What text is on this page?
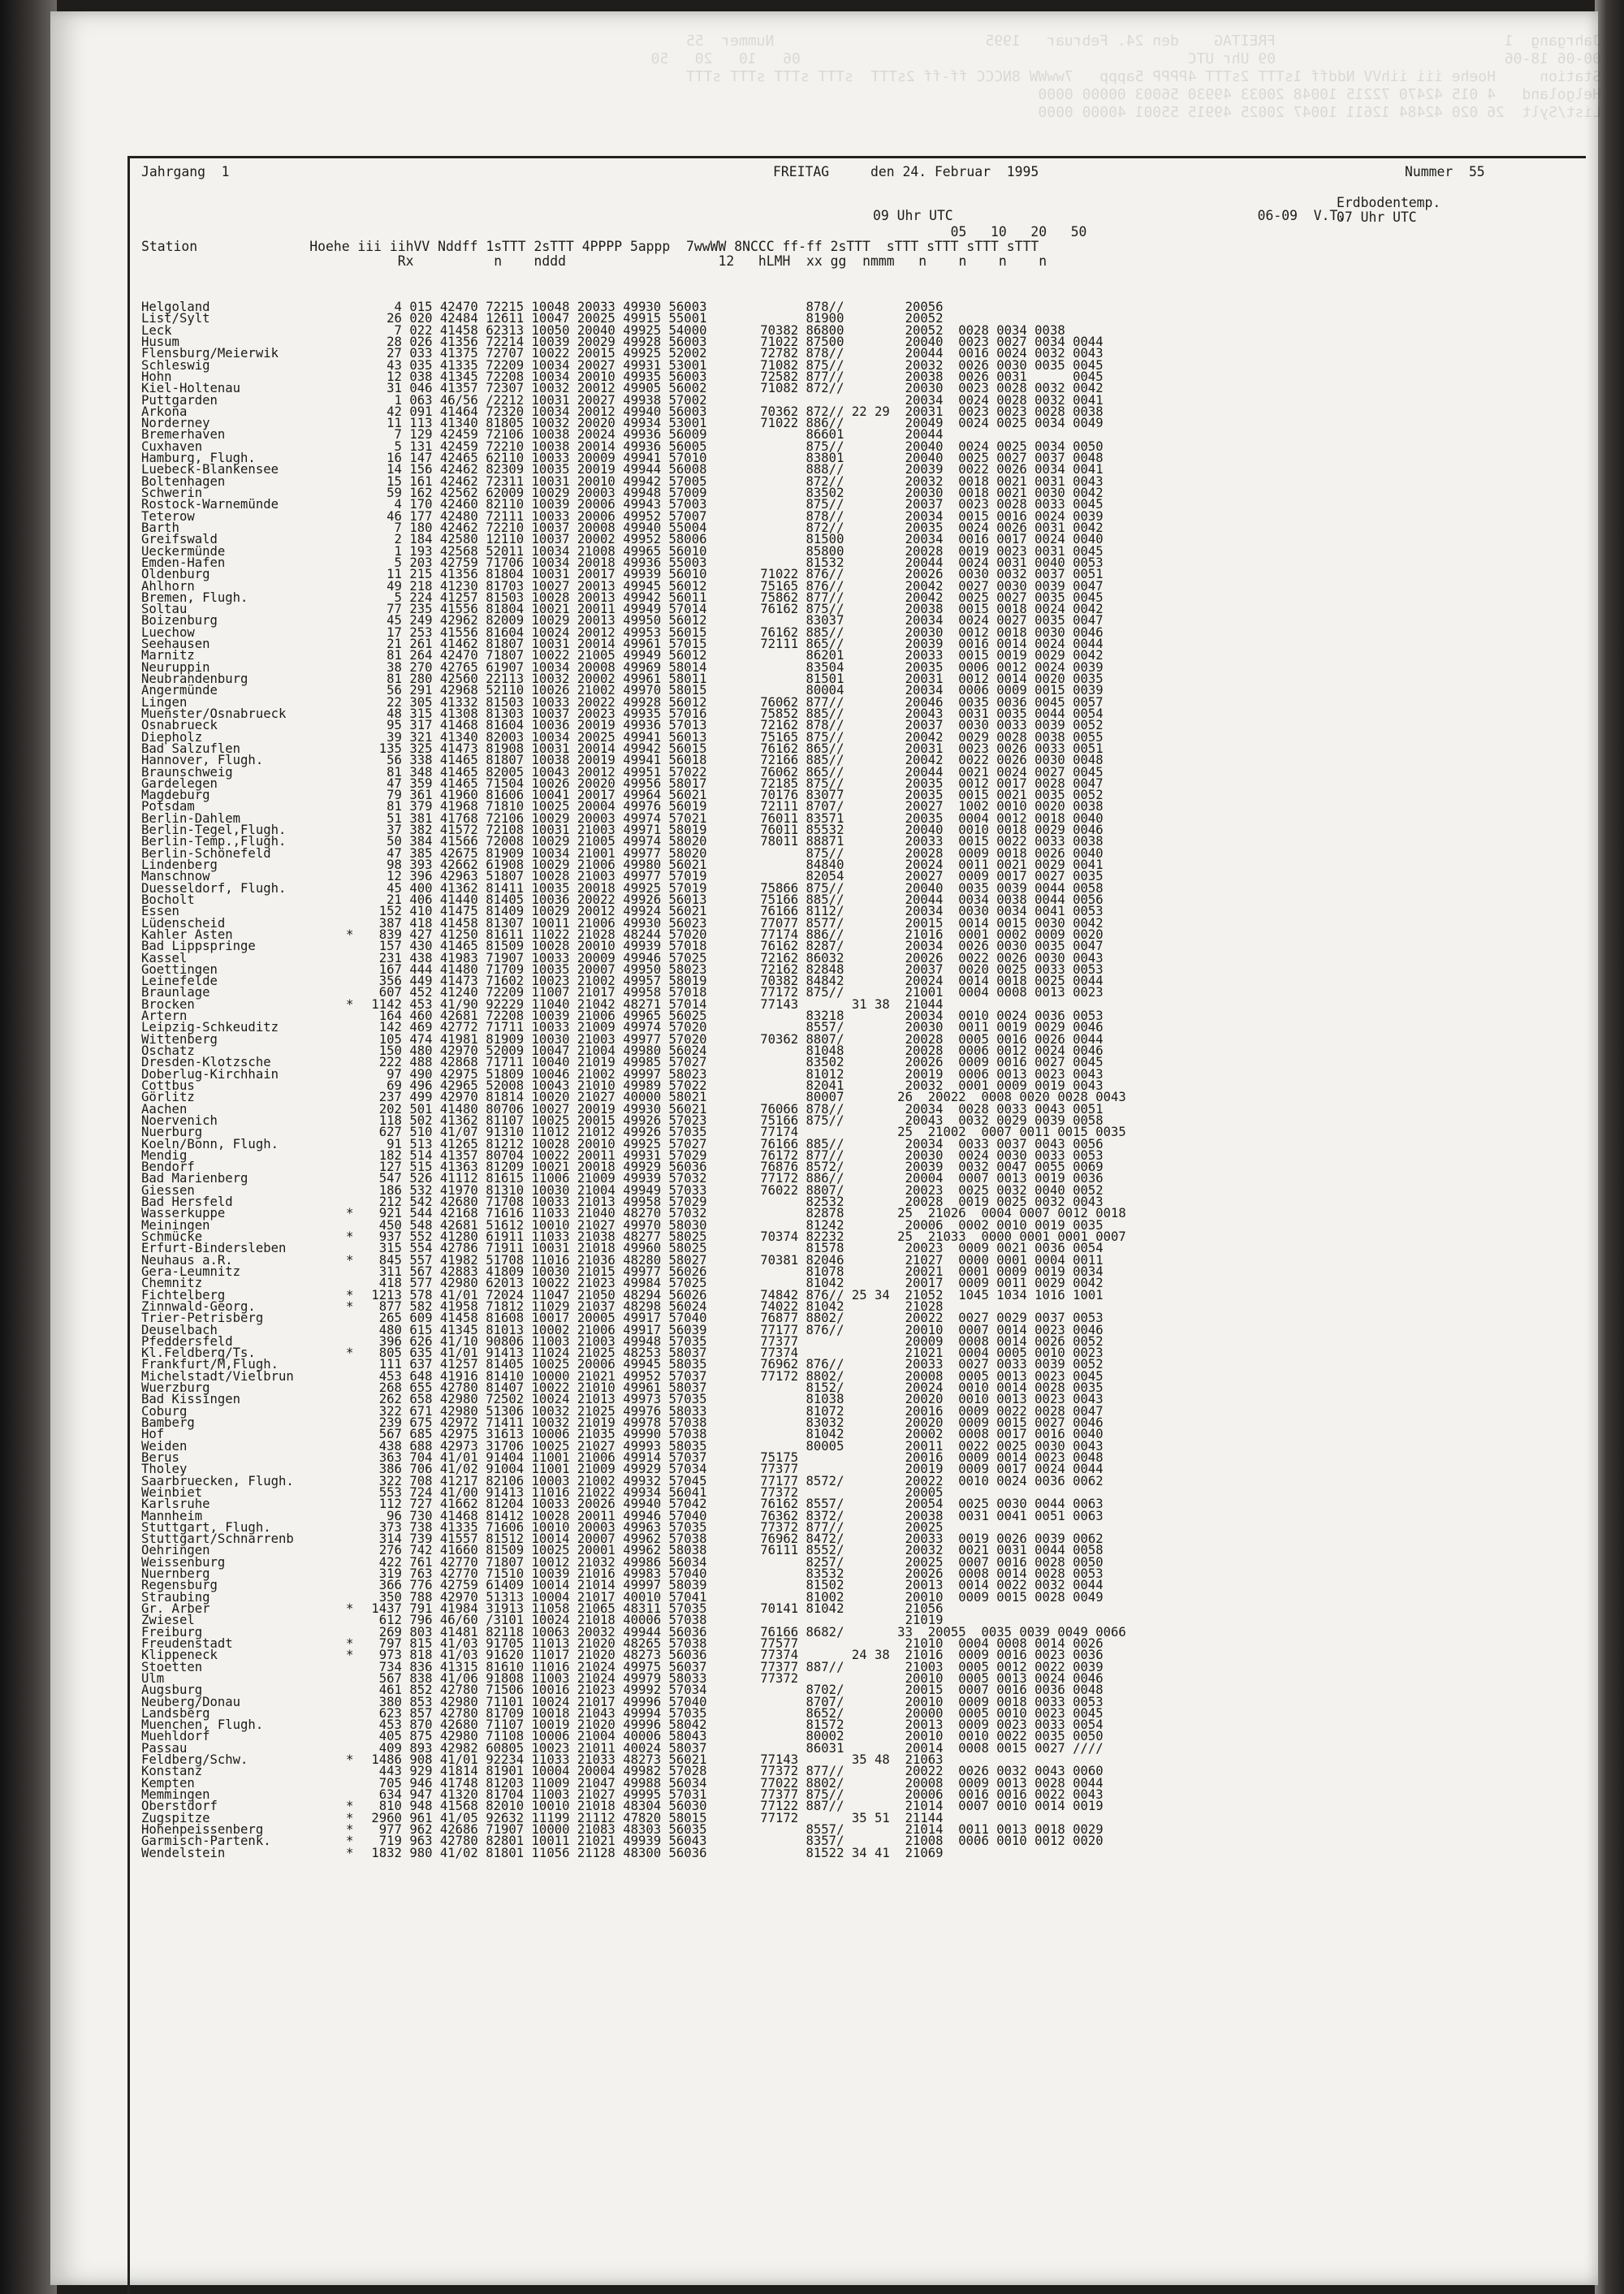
Jahrgang  1                          FREITAG    den 24. Februar   1995                        Nummer  55
00-06 18-06                          09 Uhr UTC                                            06   10   20   50
Station     Hoehe iii iihVV Nddff 1sTTT 2sTTT 4PPPP 5appp   7wwWW 8NCCC ff-ff 2sTTT  sTTT sTTT sTTT sTTT
Helgoland   4 015 42470 72215 10048 20033 49930 56003 00000 0000
List/Sylt  26 020 42484 12611 10047 20025 49915 55001 40000 0000

Jahrgang  1	FREITAG	den 24. Februar  1995	Nummer  55
Erdbodentemp.
07 Uhr UTC
09 Uhr UTC                                      06-09  V.T.
05   10   20   50
Station              Hoehe iii iihVV Nddff 1sTTT 2sTTT 4PPPP 5appp  7wwWW 8NCCC ff-ff 2sTTT  sTTT sTTT sTTT sTTT
Rx          n    nddd                   12   hLMH  xx gg  nmmm   n    n    n    n
Helgoland	4 015 42470 72215 10048 20033 49930 56003             878//        20056
List/Sylt	26 020 42484 12611 10047 20025 49915 55001             81900        20052
Leck	7 022 41458 62313 10050 20040 49925 54000       70382 86800        20052  0028 0034 0038
Husum	28 026 41356 72214 10039 20029 49928 56003       71022 87500        20040  0023 0027 0034 0044
Flensburg/Meierwik	27 033 41375 72707 10022 20015 49925 52002       72782 878//        20044  0016 0024 0032 0043
Schleswig	43 035 41335 72209 10034 20027 49931 53001       71082 875//        20032  0026 0030 0035 0045
Hohn	12 038 41345 72208 10034 20010 49935 56003       72582 877//        20038  0026 0031      0045
Kiel-Holtenau	31 046 41357 72307 10032 20012 49905 56002       71082 872//        20030  0023 0028 0032 0042
Puttgarden	1 063 46/56 /2212 10031 20027 49938 57002                          20034  0024 0028 0032 0041
Arkona	42 091 41464 72320 10034 20012 49940 56003       70362 872// 22 29  20031  0023 0023 0028 0038
Norderney	11 113 41340 81805 10032 20020 49934 53001       71022 886//        20049  0024 0025 0034 0049
Bremerhaven	7 129 42459 72106 10038 20024 49936 56009             86601        20044
Cuxhaven	5 131 42459 72210 10038 20014 49936 56005             875//        20040  0024 0025 0034 0050
Hamburg, Flugh.	16 147 42465 62110 10033 20009 49941 57010             83801        20040  0025 0027 0037 0048
Luebeck-Blankensee	14 156 42462 82309 10035 20019 49944 56008             888//        20039  0022 0026 0034 0041
Boltenhagen	15 161 42462 72311 10031 20010 49942 57005             872//        20032  0018 0021 0031 0043
Schwerin	59 162 42562 62009 10029 20003 49948 57009             83502        20030  0018 0021 0030 0042
Rostock-Warnemünde	4 170 42460 82110 10039 20006 49943 57003             875//        20037  0023 0028 0033 0045
Teterow	46 177 42480 72111 10033 20006 49952 57007             878//        20034  0015 0016 0024 0039
Barth	7 180 42462 72210 10037 20008 49940 55004             872//        20035  0024 0026 0031 0042
Greifswald	2 184 42580 12110 10037 20002 49952 58006             81500        20034  0016 0017 0024 0040
Ueckermünde	1 193 42568 52011 10034 21008 49965 56010             85800        20028  0019 0023 0031 0045
Emden-Hafen	5 203 42759 71706 10034 20018 49936 55003             81532        20044  0024 0031 0040 0053
Oldenburg	11 215 41356 81804 10031 20017 49939 56010       71022 876//        20026  0030 0032 0037 0051
Ahlhorn	49 218 41230 81703 10027 20013 49945 56012       75165 876//        20042  0027 0030 0039 0047
Bremen, Flugh.	5 224 41257 81503 10028 20013 49942 56011       75862 877//        20042  0025 0027 0035 0045
Soltau	77 235 41556 81804 10021 20011 49949 57014       76162 875//        20038  0015 0018 0024 0042
Boizenburg	45 249 42962 82009 10029 20013 49950 56012             83037        20034  0024 0027 0035 0047
Luechow	17 253 41556 81604 10024 20012 49953 56015       76162 885//        20030  0012 0018 0030 0046
Seehausen	21 261 41462 81807 10031 20014 49961 57015       72111 865//        20039  0016 0014 0024 0044
Marnitz	81 264 42470 71807 10022 21005 49949 56012             86201        20033  0015 0019 0029 0042
Neuruppin	38 270 42765 61907 10034 20008 49969 58014             83504        20035  0006 0012 0024 0039
Neubrandenburg	81 280 42560 22113 10032 20002 49961 58011             81501        20031  0012 0014 0020 0035
Angermünde	56 291 42968 52110 10026 21002 49970 58015             80004        20034  0006 0009 0015 0039
Lingen	22 305 41332 81503 10033 20022 49928 56012       76062 877//        20046  0035 0036 0045 0057
Muenster/Osnabrueck	48 315 41308 81303 10037 20023 49935 57016       75852 885//        20043  0031 0035 0044 0054
Osnabrueck	95 317 41468 81604 10036 20019 49936 57013       72162 878//        20037  0030 0033 0039 0052
Diepholz	39 321 41340 82003 10034 20025 49941 56013       75165 875//        20042  0029 0028 0038 0055
Bad Salzuflen	135 325 41473 81908 10031 20014 49942 56015       76162 865//        20031  0023 0026 0033 0051
Hannover, Flugh.	56 338 41465 81807 10038 20019 49941 56018       72166 885//        20042  0022 0026 0030 0048
Braunschweig	81 348 41465 82005 10043 20012 49951 57022       76062 865//        20044  0021 0024 0027 0045
Gardelegen	47 359 41465 71504 10026 20020 49956 58017       72185 875//        20035  0012 0017 0028 0047
Magdeburg	79 361 41960 81606 10041 20017 49964 56021       70176 83077        20035  0015 0021 0035 0052
Potsdam	81 379 41968 71810 10025 20004 49976 56019       72111 8707/        20027  1002 0010 0020 0038
Berlin-Dahlem	51 381 41768 72106 10029 20003 49974 57021       76011 83571        20035  0004 0012 0018 0040
Berlin-Tegel,Flugh.	37 382 41572 72108 10031 21003 49971 58019       76011 85532        20040  0010 0018 0029 0046
Berlin-Temp.,Flugh.	50 384 41566 72008 10029 21005 49974 58020       78011 88871        20033  0015 0022 0033 0038
Berlin-Schönefeld	47 385 42675 81909 10034 21001 49977 58020             875//        20028  0009 0018 0026 0040
Lindenberg	98 393 42662 61908 10029 21006 49980 56021             84840        20024  0011 0021 0029 0041
Manschnow	12 396 42963 51807 10028 21003 49977 57019             82054        20027  0009 0017 0027 0035
Duesseldorf, Flugh.	45 400 41362 81411 10035 20018 49925 57019       75866 875//        20040  0035 0039 0044 0058
Bocholt	21 406 41440 81405 10036 20022 49926 56013       75166 885//        20044  0034 0038 0044 0056
Essen	152 410 41475 81409 10029 20012 49924 56021       76166 8112/        20034  0030 0034 0041 0053
Lüdenscheid	387 418 41458 81307 10011 21006 49930 56023       77077 8577/        20015  0014 0015 0030 0042
Kahler Asten	*  839 427 41250 81611 11022 21028 48244 57020       77174 886//        21016  0001 0002 0009 0020
Bad Lippspringe	157 430 41465 81509 10028 20010 49939 57018       76162 8287/        20034  0026 0030 0035 0047
Kassel	231 438 41983 71907 10033 20009 49946 57025       72162 86032        20026  0022 0026 0030 0043
Goettingen	167 444 41480 71709 10035 20007 49950 58023       72162 82848        20037  0020 0025 0033 0053
Leinefelde	356 449 41473 71602 10023 21002 49957 58019       70382 84842        20024  0014 0018 0025 0044
Braunlage	607 452 41240 72209 11007 21017 49958 57018       77172 875//        21001  0004 0008 0013 0023
Brocken	* 1142 453 41/90 92229 11040 21042 48271 57014       77143       31 38  21044
Artern	164 460 42681 72208 10039 21006 49965 56025             83218        20034  0010 0024 0036 0053
Leipzig-Schkeuditz	142 469 42772 71711 10033 21009 49974 57020             8557/        20030  0011 0019 0029 0046
Wittenberg	105 474 41981 81909 10030 21003 49977 57020       70362 8807/        20028  0005 0016 0026 0044
Oschatz	150 480 42970 52009 10047 21004 49980 56024             81048        20028  0006 0012 0024 0046
Dresden-Klotzsche	222 488 42868 71711 10040 21019 49985 57027             83502        20026  0009 0016 0027 0045
Doberlug-Kirchhain	97 490 42975 51809 10046 21002 49997 58023             81012        20019  0006 0013 0023 0043
Cottbus	69 496 42965 52008 10043 21010 49989 57022             82041        20032  0001 0009 0019 0043
Görlitz	237 499 42970 81814 10020 21027 40000 58021             80007       26  20022  0008 0020 0028 0043
Aachen	202 501 41480 80706 10027 20019 49930 56021       76066 878//        20034  0028 0033 0043 0051
Noervenich	118 502 41362 81107 10025 20015 49926 57023       75166 875//        20043  0032 0029 0039 0058
Nuerburg	627 510 41/07 91310 11012 21012 49926 57035       77174             25  21002  0007 0011 0015 0035
Koeln/Bonn, Flugh.	91 513 41265 81212 10028 20010 49925 57027       76166 885//        20034  0033 0037 0043 0056
Mendig	182 514 41357 80704 10022 20011 49931 57029       76172 877//        20030  0024 0030 0033 0053
Bendorf	127 515 41363 81209 10021 20018 49929 56036       76876 8572/        20039  0032 0047 0055 0069
Bad Marienberg	547 526 41112 81615 11006 21009 49939 57032       77172 886//        20004  0007 0013 0019 0036
Giessen	186 532 41970 81310 10030 21004 49949 57033       76022 8807/        20023  0025 0032 0040 0052
Bad Hersfeld	212 542 42680 71708 10033 21013 49958 57029             82532        20028  0019 0025 0032 0043
Wasserkuppe	*  921 544 42168 71616 11033 21040 48270 57032             82878       25  21026  0004 0007 0012 0018
Meiningen	450 548 42681 51612 10010 21027 49970 58030             81242        20006  0002 0010 0019 0035
Schmücke	*  937 552 41280 61911 11033 21038 48277 58025       70374 82232       25  21033  0000 0001 0001 0007
Erfurt-Bindersleben	315 554 42786 71911 10031 21018 49960 58025             81578        20023  0009 0021 0036 0054
Neuhaus a.R.	*  845 557 41982 51708 11016 21036 48280 58027       70381 82046        21027  0000 0001 0004 0011
Gera-Leumnitz	311 567 42883 41809 10030 21015 49977 56026             81078        20021  0001 0009 0019 0034
Chemnitz	418 577 42980 62013 10022 21023 49984 57025             81042        20017  0009 0011 0029 0042
Fichtelberg	* 1213 578 41/01 72024 11047 21050 48294 56026       74842 876// 25 34  21052  1045 1034 1016 1001
Zinnwald-Georg.	*  877 582 41958 71812 11029 21037 48298 56024       74022 81042        21028
Trier-Petrisberg	265 609 41458 81608 10017 20005 49917 57040       76877 8802/        20022  0027 0029 0037 0053
Deuselbach	480 615 41345 81013 10002 21006 49917 56039       77177 876//        20010  0007 0014 0023 0046
Pfeddersfeld	396 626 41/10 90806 11003 21003 49948 57035       77377              20009  0008 0014 0026 0052
Kl.Feldberg/Ts.	*  805 635 41/01 91413 11024 21025 48253 58037       77374              21021  0004 0005 0010 0023
Frankfurt/M,Flugh.	111 637 41257 81405 10025 20006 49945 58035       76962 876//        20033  0027 0033 0039 0052
Michelstadt/Vielbrun	453 648 41916 81410 10000 21021 49952 57037       77172 8802/        20008  0005 0013 0023 0045
Wuerzburg	268 655 42780 81407 10022 21010 49961 58037             8152/        20024  0010 0014 0028 0035
Bad Kissingen	262 658 42980 72502 10024 21013 49973 57035             81038        20020  0010 0013 0023 0043
Coburg	322 671 42980 51306 10032 21025 49976 58033             81072        20016  0009 0022 0028 0047
Bamberg	239 675 42972 71411 10032 21019 49978 57038             83032        20020  0009 0015 0027 0046
Hof	567 685 42975 31613 10006 21035 49990 57038             81042        20002  0008 0017 0016 0040
Weiden	438 688 42973 31706 10025 21027 49993 58035             80005        20011  0022 0025 0030 0043
Berus	363 704 41/01 91404 11001 21006 49914 57037       75175              20016  0009 0014 0023 0048
Tholey	386 706 41/02 91004 11001 21009 49929 57034       77377              20019  0009 0017 0024 0044
Saarbruecken, Flugh.	322 708 41217 82106 10003 21002 49932 57045       77177 8572/        20022  0010 0024 0036 0062
Weinbiet	553 724 41/00 91413 11016 21022 49934 56041       77372              20005
Karlsruhe	112 727 41662 81204 10033 20026 49940 57042       76162 8557/        20054  0025 0030 0044 0063
Mannheim	96 730 41468 81412 10028 20011 49946 57040       76362 8372/        20038  0031 0041 0051 0063
Stuttgart, Flugh.	373 738 41335 71606 10010 20003 49963 57035       77372 877//        20025
Stuttgart/Schnarrenb	314 739 41557 81512 10014 20007 49962 57038       76962 8472/        20033  0019 0026 0039 0062
Oehringen	276 742 41660 81509 10025 20001 49962 58038       76111 8552/        20032  0021 0031 0044 0058
Weissenburg	422 761 42770 71807 10012 21032 49986 56034             8257/        20025  0007 0016 0028 0050
Nuernberg	319 763 42770 71510 10039 21016 49983 57040             83532        20026  0008 0014 0028 0053
Regensburg	366 776 42759 61409 10014 21014 49997 58039             81502        20013  0014 0022 0032 0044
Straubing	350 788 42970 51313 10004 21017 40010 57041             81002        20010  0009 0015 0028 0049
Gr. Arber	* 1437 791 41984 31913 11058 21065 48311 57035       70141 81042        21056
Zwiesel	612 796 46/60 /3101 10024 21018 40006 57038                          21019
Freiburg	269 803 41481 82118 10063 20032 49944 56036       76166 8682/       33  20055  0035 0039 0049 0066
Freudenstadt	*  797 815 41/03 91705 11013 21020 48265 57038       77577              21010  0004 0008 0014 0026
Klippeneck	*  973 818 41/03 91620 11017 21020 48273 56036       77374       24 38  21016  0009 0016 0023 0036
Stoetten	734 836 41315 81610 11016 21024 49975 56037       77377 887//        21003  0005 0012 0022 0039
Ulm	567 838 41/06 91808 11003 21024 49979 58033       77372              20010  0005 0013 0024 0046
Augsburg	461 852 42780 71506 10016 21023 49992 57034             8702/        20015  0007 0016 0036 0048
Neuberg/Donau	380 853 42980 71101 10024 21017 49996 57040             8707/        20010  0009 0018 0033 0053
Landsberg	623 857 42780 81709 10018 21043 49994 57035             8652/        20000  0005 0010 0023 0045
Muenchen, Flugh.	453 870 42680 71107 10019 21020 49996 58042             81572        20013  0009 0023 0033 0054
Muehldorf	405 875 42980 71108 10006 21004 40006 58043             80002        20010  0010 0022 0035 0050
Passau	409 893 42982 60805 10023 21011 40024 58037             86031        20014  0008 0015 0027 ////
Feldberg/Schw.	* 1486 908 41/01 92234 11033 21033 48273 56021       77143       35 48  21063
Konstanz	443 929 41814 81901 10004 20004 49982 57028       77372 877//        20022  0026 0032 0043 0060
Kempten	705 946 41748 81203 11009 21047 49988 56034       77022 8802/        20008  0009 0013 0028 0044
Memmingen	634 947 41320 81704 11003 21027 49995 57031       77377 875//        20006  0016 0016 0022 0043
Oberstdorf	*  810 948 41568 82010 10010 21018 48304 56030       77122 887//        21014  0007 0010 0014 0019
Zugspitze	* 2960 961 41/05 92632 11199 21112 47820 58015       77172       35 51  21144
Hohenpeissenberg	*  977 962 42686 71907 10000 21083 48303 56035             8557/        21014  0011 0013 0018 0029
Garmisch-Partenk.	*  719 963 42780 82801 10011 21021 49939 56043             8357/        21008  0006 0010 0012 0020
Wendelstein	* 1832 980 41/02 81801 11056 21128 48300 56036             81522 34 41  21069
